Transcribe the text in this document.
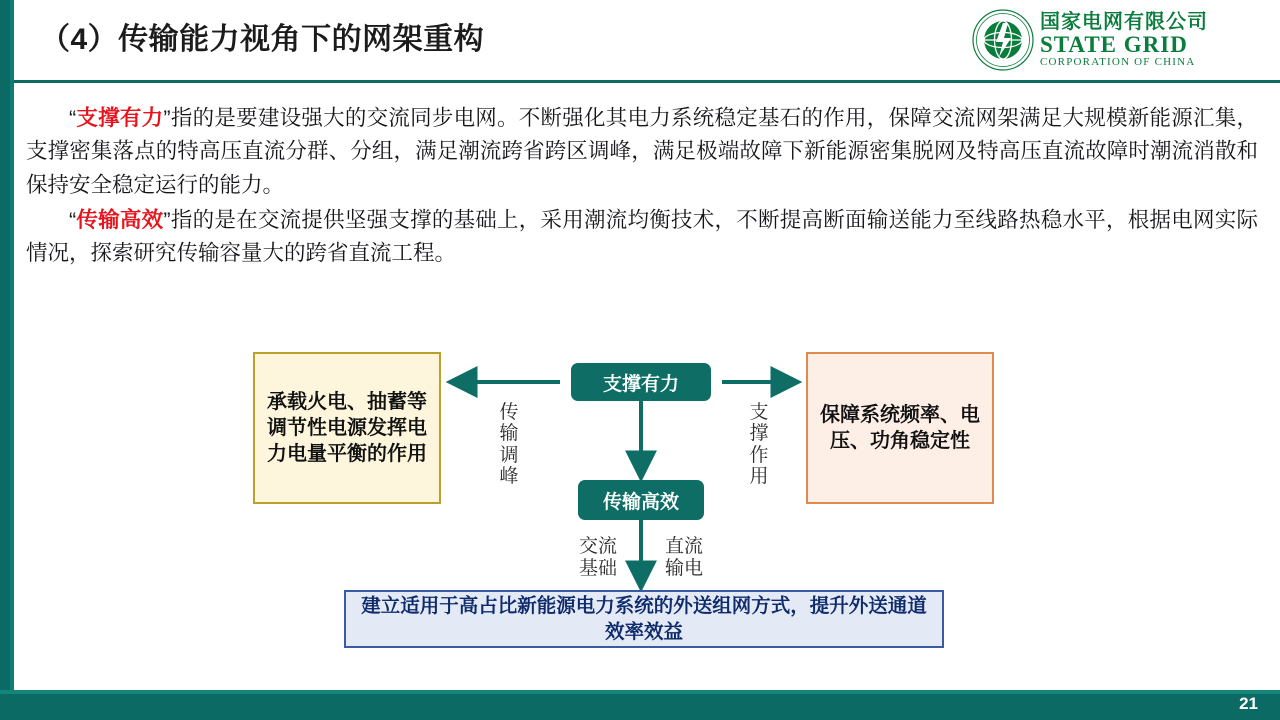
（4）传输能力视角下的网架重构
国家电网有限公司
STATE GRID
CORPORATION OF CHINA

“支撑有力”指的是要建设强大的交流同步电网。不断强化其电力系统稳定基石的作用，保障交流网架满足大规模新能源汇集，支撑密集落点的特高压直流分群、分组，满足潮流跨省跨区调峰，满足极端故障下新能源密集脱网及特高压直流故障时潮流消散和保持安全稳定运行的能力。

“传输高效”指的是在交流提供坚强支撑的基础上，采用潮流均衡技术，不断提高断面输送能力至线路热稳水平，根据电网实际情况，探索研究传输容量大的跨省直流工程。

承载火电、抽蓄等调节性电源发挥电力电量平衡的作用
保障系统频率、电压、功角稳定性
支撑有力
传输高效
传输调峰
支撑作用
交流基础
直流输电
建立适用于高占比新能源电力系统的外送组网方式，提升外送通道效率效益
21
